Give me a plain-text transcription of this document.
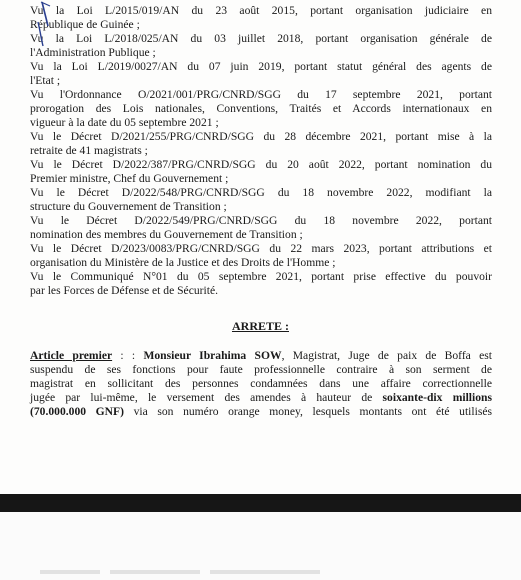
Vu la Loi L/2015/019/AN du 23 août 2015, portant organisation judiciaire en
République de Guinée ;
Vu la Loi L/2018/025/AN du 03 juillet 2018, portant organisation générale de
l'Administration Publique ;
Vu la Loi L/2019/0027/AN du 07 juin 2019, portant statut général des agents de
l'Etat ;
Vu l'Ordonnance O/2021/001/PRG/CNRD/SGG du 17 septembre 2021, portant
prorogation des Lois nationales, Conventions, Traités et Accords internationaux en
vigueur à la date du 05 septembre 2021 ;
Vu le Décret D/2021/255/PRG/CNRD/SGG du 28 décembre 2021, portant mise à la
retraite de 41 magistrats ;
Vu le Décret D/2022/387/PRG/CNRD/SGG du 20 août 2022, portant nomination du
Premier ministre, Chef du Gouvernement ;
Vu le Décret D/2022/548/PRG/CNRD/SGG du 18 novembre 2022, modifiant la
structure du Gouvernement de Transition ;
Vu le Décret D/2022/549/PRG/CNRD/SGG du 18 novembre 2022, portant
nomination des membres du Gouvernement de Transition ;
Vu le Décret D/2023/0083/PRG/CNRD/SGG du 22 mars 2023, portant attributions et
organisation du Ministère de la Justice et des Droits de l'Homme ;
Vu le Communiqué N°01 du 05 septembre 2021, portant prise effective du pouvoir
par les Forces de Défense et de Sécurité.
ARRETE :
Article premier : : Monsieur Ibrahima SOW, Magistrat, Juge de paix de Boffa est
suspendu de ses fonctions pour faute professionnelle contraire à son serment de
magistrat en sollicitant des personnes condamnées dans une affaire correctionnelle
jugée par lui-même, le versement des amendes à hauteur de soixante-dix millions
(70.000.000 GNF) via son numéro orange money, lesquels montants ont été utilisés
